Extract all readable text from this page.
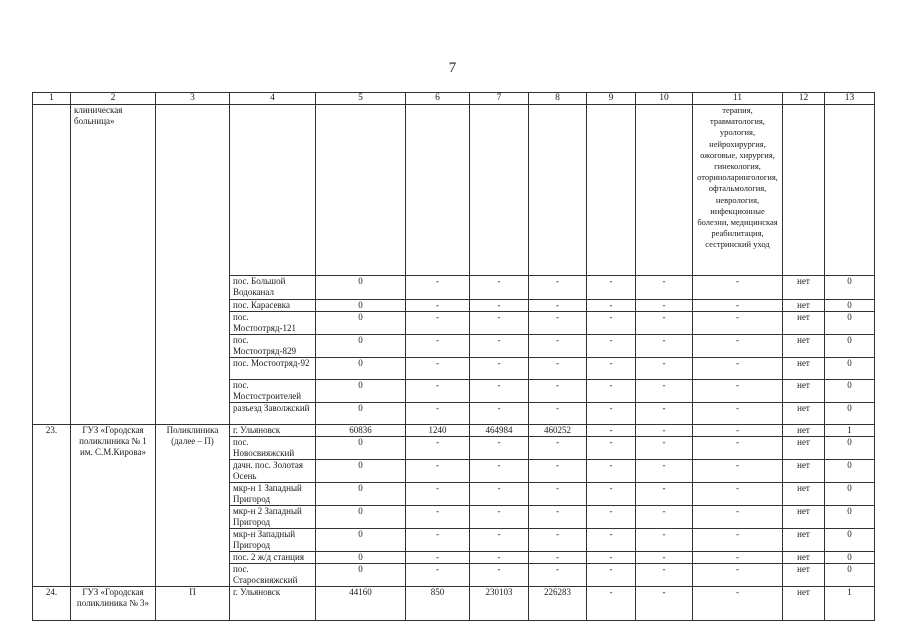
7
1	2	3	4	5	6	7	8	9	10	11	12	13
	клиническая больница»									терапия, травматология, урология, нейрохирургия, ожоговые, хирургия, гинекология, оториноларингология, офтальмология, неврология, инфекционные болезни, медицинская реабилитация, сестринский уход		
			пос. Большой Водоканал	0	-	-	-	-	-	-	нет	0
			пос. Карасевка	0	-	-	-	-	-	-	нет	0
			пос. Мостоотряд-121	0	-	-	-	-	-	-	нет	0
			пос. Мостоотряд-829	0	-	-	-	-	-	-	нет	0
			пос. Мостоотряд-92	0	-	-	-	-	-	-	нет	0
			пос. Мостостроителей	0	-	-	-	-	-	-	нет	0
			разъезд Заволжский	0	-	-	-	-	-	-	нет	0
23.	ГУЗ «Городская поликлиника № 1 им. С.М.Кирова»	Поликлиника (далее – П)	г. Ульяновск	60836	1240	464984	460252	-	-	-	нет	1
			пос. Новосвияжский	0	-	-	-	-	-	-	нет	0
			дачн. пос. Золотая Осень	0	-	-	-	-	-	-	нет	0
			мкр-н 1 Западный Пригород	0	-	-	-	-	-	-	нет	0
			мкр-н 2 Западный Пригород	0	-	-	-	-	-	-	нет	0
			мкр-н Западный Пригород	0	-	-	-	-	-	-	нет	0
			пос. 2 ж/д станция	0	-	-	-	-	-	-	нет	0
			пос. Старосвияжский	0	-	-	-	-	-	-	нет	0
24.	ГУЗ «Городская поликлиника № 3»	П	г. Ульяновск	44160	850	230103	226283	-	-	-	нет	1
